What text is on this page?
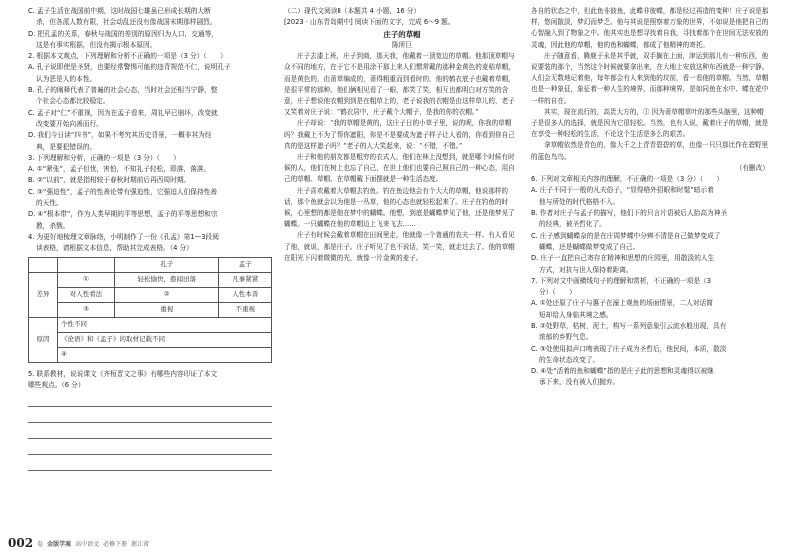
C. 孟子生活在战国前中期，这时战国七雄虽已形成长期的大断

杀，但各派人数有限，社会动乱还没有像战国末期那样剧烈。

D. 把孔孟的关系，春秋与战国的差别的原因归为人口，交通等，

这是有事实根据，但没有揭示根本原因。

2. 根据本文观点，下列理解和分析不正确的一项是（3 分）（　　）

A. 孔子说即使是圣贤，也要经常警惕可能的违背规范不仁，说明孔子

认为恶是人的本性。

B. 孔子的阐释代表了普遍的社会心态，当时社会还相当宁静，整

个社会心态都比较稳定。

C. 孟子对“仁”不重视，因为在孟子看来，周礼早已崩坏，改变就

改变要开始向善而行。

D. 我们今日读“四书”，如果不考究其历史背景，一概非其为经

典，是要犯错误的。

3. 下列理解和分析，正确的一项是（3 分）（　　）

A. ①“紧张”，孟子但忧，害怕，不知礼子轻松，即落，落落。

B. ②“以前”，就是指相较于春秋时期前后再西周时期。

C. ③“强迫性”，孟子的性善论带有强迫性，它强迫人们保持性善

的天性。

D. ④“根本带”，作为人类早期的平等思想，孟子的平等思想和宗

教，杀戮。

4. 为更好地梳理文章脉络，小明制作了一份《孔孟》第1—3段阅

读表格，请根据文本信息，帮助其完成表格。（4 分）

		孔子	孟子
差异	①	轻松愉快，憨闻田落	凡事紧紧
	对人性看法	②	人性本善
	③	重视	不重视
原因	个性不同		
	《论语》和《孟子》的取材记载不同		
	④		

5. 联系教材，说说课文《齐桓晋文之事》有哪些内容印证了本文

哪些观点。（6 分）

（二）现代文阅读Ⅱ（本题共 4 小题，16 分）

[2023 · 山东青岛期中] 阅读下面的文字，完成 6～9 题。

庄子的草帽

陈所巨

庄子去漆上班，庄子到商，那天我，他戴着一顶宽边的草帽。他那顶草帽与众不同的地方，在于它不是用涂干那上来人们惯常戴的那种金黄色的麦秸草帽，而是黄色的，由莆草编成的，莆得粗重而到看时的，他的鹤衣底子也戴着草帽，是很平常的那种。他们俩相见看了一眼，都笑了笑，相互也都明白对方笑的含意，庄子想说他衣帽到到是在粗草上的，老子说我的衣帽是由这样草儿的，老子又笑着对庄子说：“鹤衣居中，庄子戴个大帽子，是我的你的衣帽。”

庄子却说：“我的草帽是黄的，这庄子日的小草子里，说的呢，你我的草帽吗？我戴上不为了帮你遮阳，你是不是要成为遮子样子让人看的，你看到你自己真的是这样遮子吗？”老子的人大笑起来，说：“不错，不错。”

庄子和他的朋友都是粗穷的衣式人，他们在林上没想到，就是哪个时候有时候的人，他们在树上也忘了自己，在世上他们也要自己照自己的一种心态，用自己的草帽、草帽、在草帽戴下面摆就是一种生活态度。

庄子喜欢戴着大草帽去钓鱼。钓在鱼边他会有个大大的草帽，他说那样的话，那个鱼就会以为他是一丛草，他的心态也就轻松起来了。庄子在钓鱼的时候，心里想的都是他在梦中的蝴蝶。他想，到底是蝴蝶梦见了他，还是他梦见了蝴蝶。一只蝴蝶在他的草帽边上飞来飞去……

庄子有时候会戴着草帽在田间里走，他就像一个普通的农夫一样。有人看见了他，就说，那是庄子。庄子听见了也不说话，笑一笑，就走过去了。他的草帽在阳光下闪着微微的光，就像一片金黄的麦子。

各自的状态之中，但此鱼非彼鱼，此蝶非彼蝶，都是经过再造的变种！庄子说是那样，悠闲散淡，梦幻而梦乏。他与其说是照察着万象的世界，不如说是他把自己的心智融入到了物象之中。他其实也是想寻找着自我，寻找着那个在世间无法安放的灵魂，因此他的草帽，他的鱼和蝴蝶，都成了他精神的寄托。

庄子随意看，腾鹿于永是其乎就，双手搁在上面，津运到那儿有一种东西，他说要装的那个，当然这个时候就要拿出来，在大地上安放这种东西就是一种宁静。人们会无数地记着他，每年都会有人来到他的坟前，看一看他的草帽。当然，草帽也是一种象征，象征着一种人生的境界，而那种境界，是如同鱼在水中、蝶在花中一样的自在。

其实，现在流行的，高贵大方的，① 因为莆草帽草叶的那些头脑里，这种帽子是很多人的选择，就是因为它很轻松。当然，也有人说，戴着庄子的草帽，就是在享受一种轻松的生活，不论这个生活是多么的艰苦。

拿草帽依然是青色的，像大千之上青青碧碧的草，也像一只只那比作在碧野里的蓝色鸟鸟。

（有删改）

6. 下列对文章相关内容的理解，不正确的一项是（3 分）（　　）

A. 庄子不同于一般的凡夫俗子，“显得格外招眼和时髦”暗示着

他与所处的时代格格不入。

B. 作者对庄子与孟子的描写，他们下的只言片语被后人抬高为神圣

的经典，被圣哲化了。

C. 庄子感到蝴蝶奈的是在庄周梦蝶中分辨不清是自己做梦变成了

蝴蝶，还是蝴蝶做梦变成了自己。

D. 庄子一直把自己寄存在精神和思想的庄园里，用散淡的人生

方式，对抗与世人保持着距离。

7. 下列对文中画横线句子的理解和赏析，不正确的一项是（3

分）（　　）

A. ①处还原了庄子与惠子在濠上观鱼的场面情景，二人对话简

短却给人身临其境之感。

B. ②处野草，枯树，泥土，构写一系列意象引云流水般出现，具有

浓郁的乡野气息。

C. ③处使用拟声口吻表现了庄子成为圣哲后，他民间，本质，散淡

的生命状态改变了。

D. ④处“活着的鱼和蝴蝶”指的是庄子此的思想和灵魂得以被继

承下来，没有被人们抛弃。

002 卷 金版学案 高中语文 必修下册 浙江省
